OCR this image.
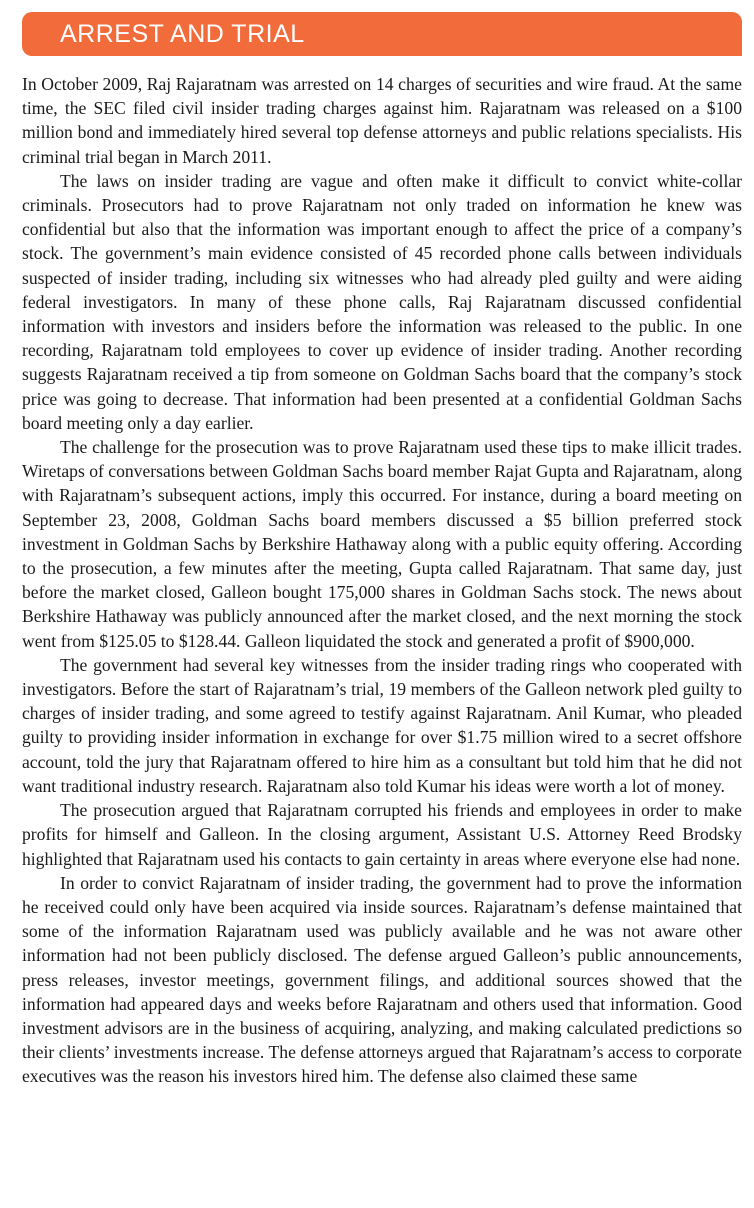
ARREST AND TRIAL

In October 2009, Raj Rajaratnam was arrested on 14 charges of securities and wire fraud. At the same time, the SEC filed civil insider trading charges against him. Rajaratnam was released on a $100 million bond and immediately hired several top defense attorneys and public relations specialists. His criminal trial began in March 2011.

The laws on insider trading are vague and often make it difficult to convict white-collar criminals. Prosecutors had to prove Rajaratnam not only traded on information he knew was confidential but also that the information was important enough to affect the price of a company’s stock. The government’s main evidence consisted of 45 recorded phone calls between individuals suspected of insider trading, including six witnesses who had already pled guilty and were aiding federal investigators. In many of these phone calls, Raj Rajaratnam discussed confidential information with investors and insiders before the information was released to the public. In one recording, Rajaratnam told employees to cover up evidence of insider trading. Another recording suggests Rajaratnam received a tip from someone on Goldman Sachs board that the company’s stock price was going to decrease. That information had been presented at a confidential Goldman Sachs board meeting only a day earlier.

The challenge for the prosecution was to prove Rajaratnam used these tips to make illicit trades. Wiretaps of conversations between Goldman Sachs board member Rajat Gupta and Rajaratnam, along with Rajaratnam’s subsequent actions, imply this occurred. For instance, during a board meeting on September 23, 2008, Goldman Sachs board members discussed a $5 billion preferred stock investment in Goldman Sachs by Berkshire Hathaway along with a public equity offering. According to the prosecution, a few minutes after the meeting, Gupta called Rajaratnam. That same day, just before the market closed, Galleon bought 175,000 shares in Goldman Sachs stock. The news about Berkshire Hathaway was publicly announced after the market closed, and the next morning the stock went from $125.05 to $128.44. Galleon liquidated the stock and generated a profit of $900,000.

The government had several key witnesses from the insider trading rings who cooperated with investigators. Before the start of Rajaratnam’s trial, 19 members of the Galleon network pled guilty to charges of insider trading, and some agreed to testify against Rajaratnam. Anil Kumar, who pleaded guilty to providing insider information in exchange for over $1.75 million wired to a secret offshore account, told the jury that Rajaratnam offered to hire him as a consultant but told him that he did not want traditional industry research. Rajaratnam also told Kumar his ideas were worth a lot of money.

The prosecution argued that Rajaratnam corrupted his friends and employees in order to make profits for himself and Galleon. In the closing argument, Assistant U.S. Attorney Reed Brodsky highlighted that Rajaratnam used his contacts to gain certainty in areas where everyone else had none.

In order to convict Rajaratnam of insider trading, the government had to prove the information he received could only have been acquired via inside sources. Rajaratnam’s defense maintained that some of the information Rajaratnam used was publicly available and he was not aware other information had not been publicly disclosed. The defense argued Galleon’s public announcements, press releases, investor meetings, government filings, and additional sources showed that the information had appeared days and weeks before Rajaratnam and others used that information. Good investment advisors are in the business of acquiring, analyzing, and making calculated predictions so their clients’ investments increase. The defense attorneys argued that Rajaratnam’s access to corporate executives was the reason his investors hired him. The defense also claimed these same
